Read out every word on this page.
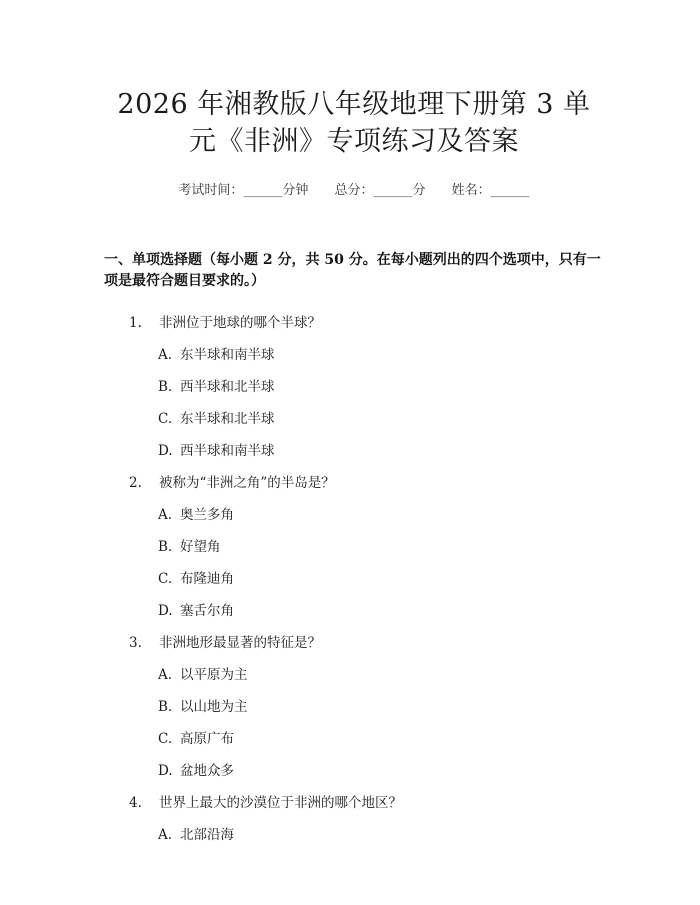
2026 年湘教版八年级地理下册第 3 单元《非洲》专项练习及答案
考试时间：______分钟 总分：______分 姓名：______
一、单项选择题（每小题 2 分，共 50 分。在每小题列出的四个选项中，只有一项是最符合题目要求的。）
1. 非洲位于地球的哪个半球？
A. 东半球和南半球
B. 西半球和北半球
C. 东半球和北半球
D. 西半球和南半球
2. 被称为“非洲之角”的半岛是？
A. 奥兰多角
B. 好望角
C. 布隆迪角
D. 塞舌尔角
3. 非洲地形最显著的特征是？
A. 以平原为主
B. 以山地为主
C. 高原广布
D. 盆地众多
4. 世界上最大的沙漠位于非洲的哪个地区？
A. 北部沿海
